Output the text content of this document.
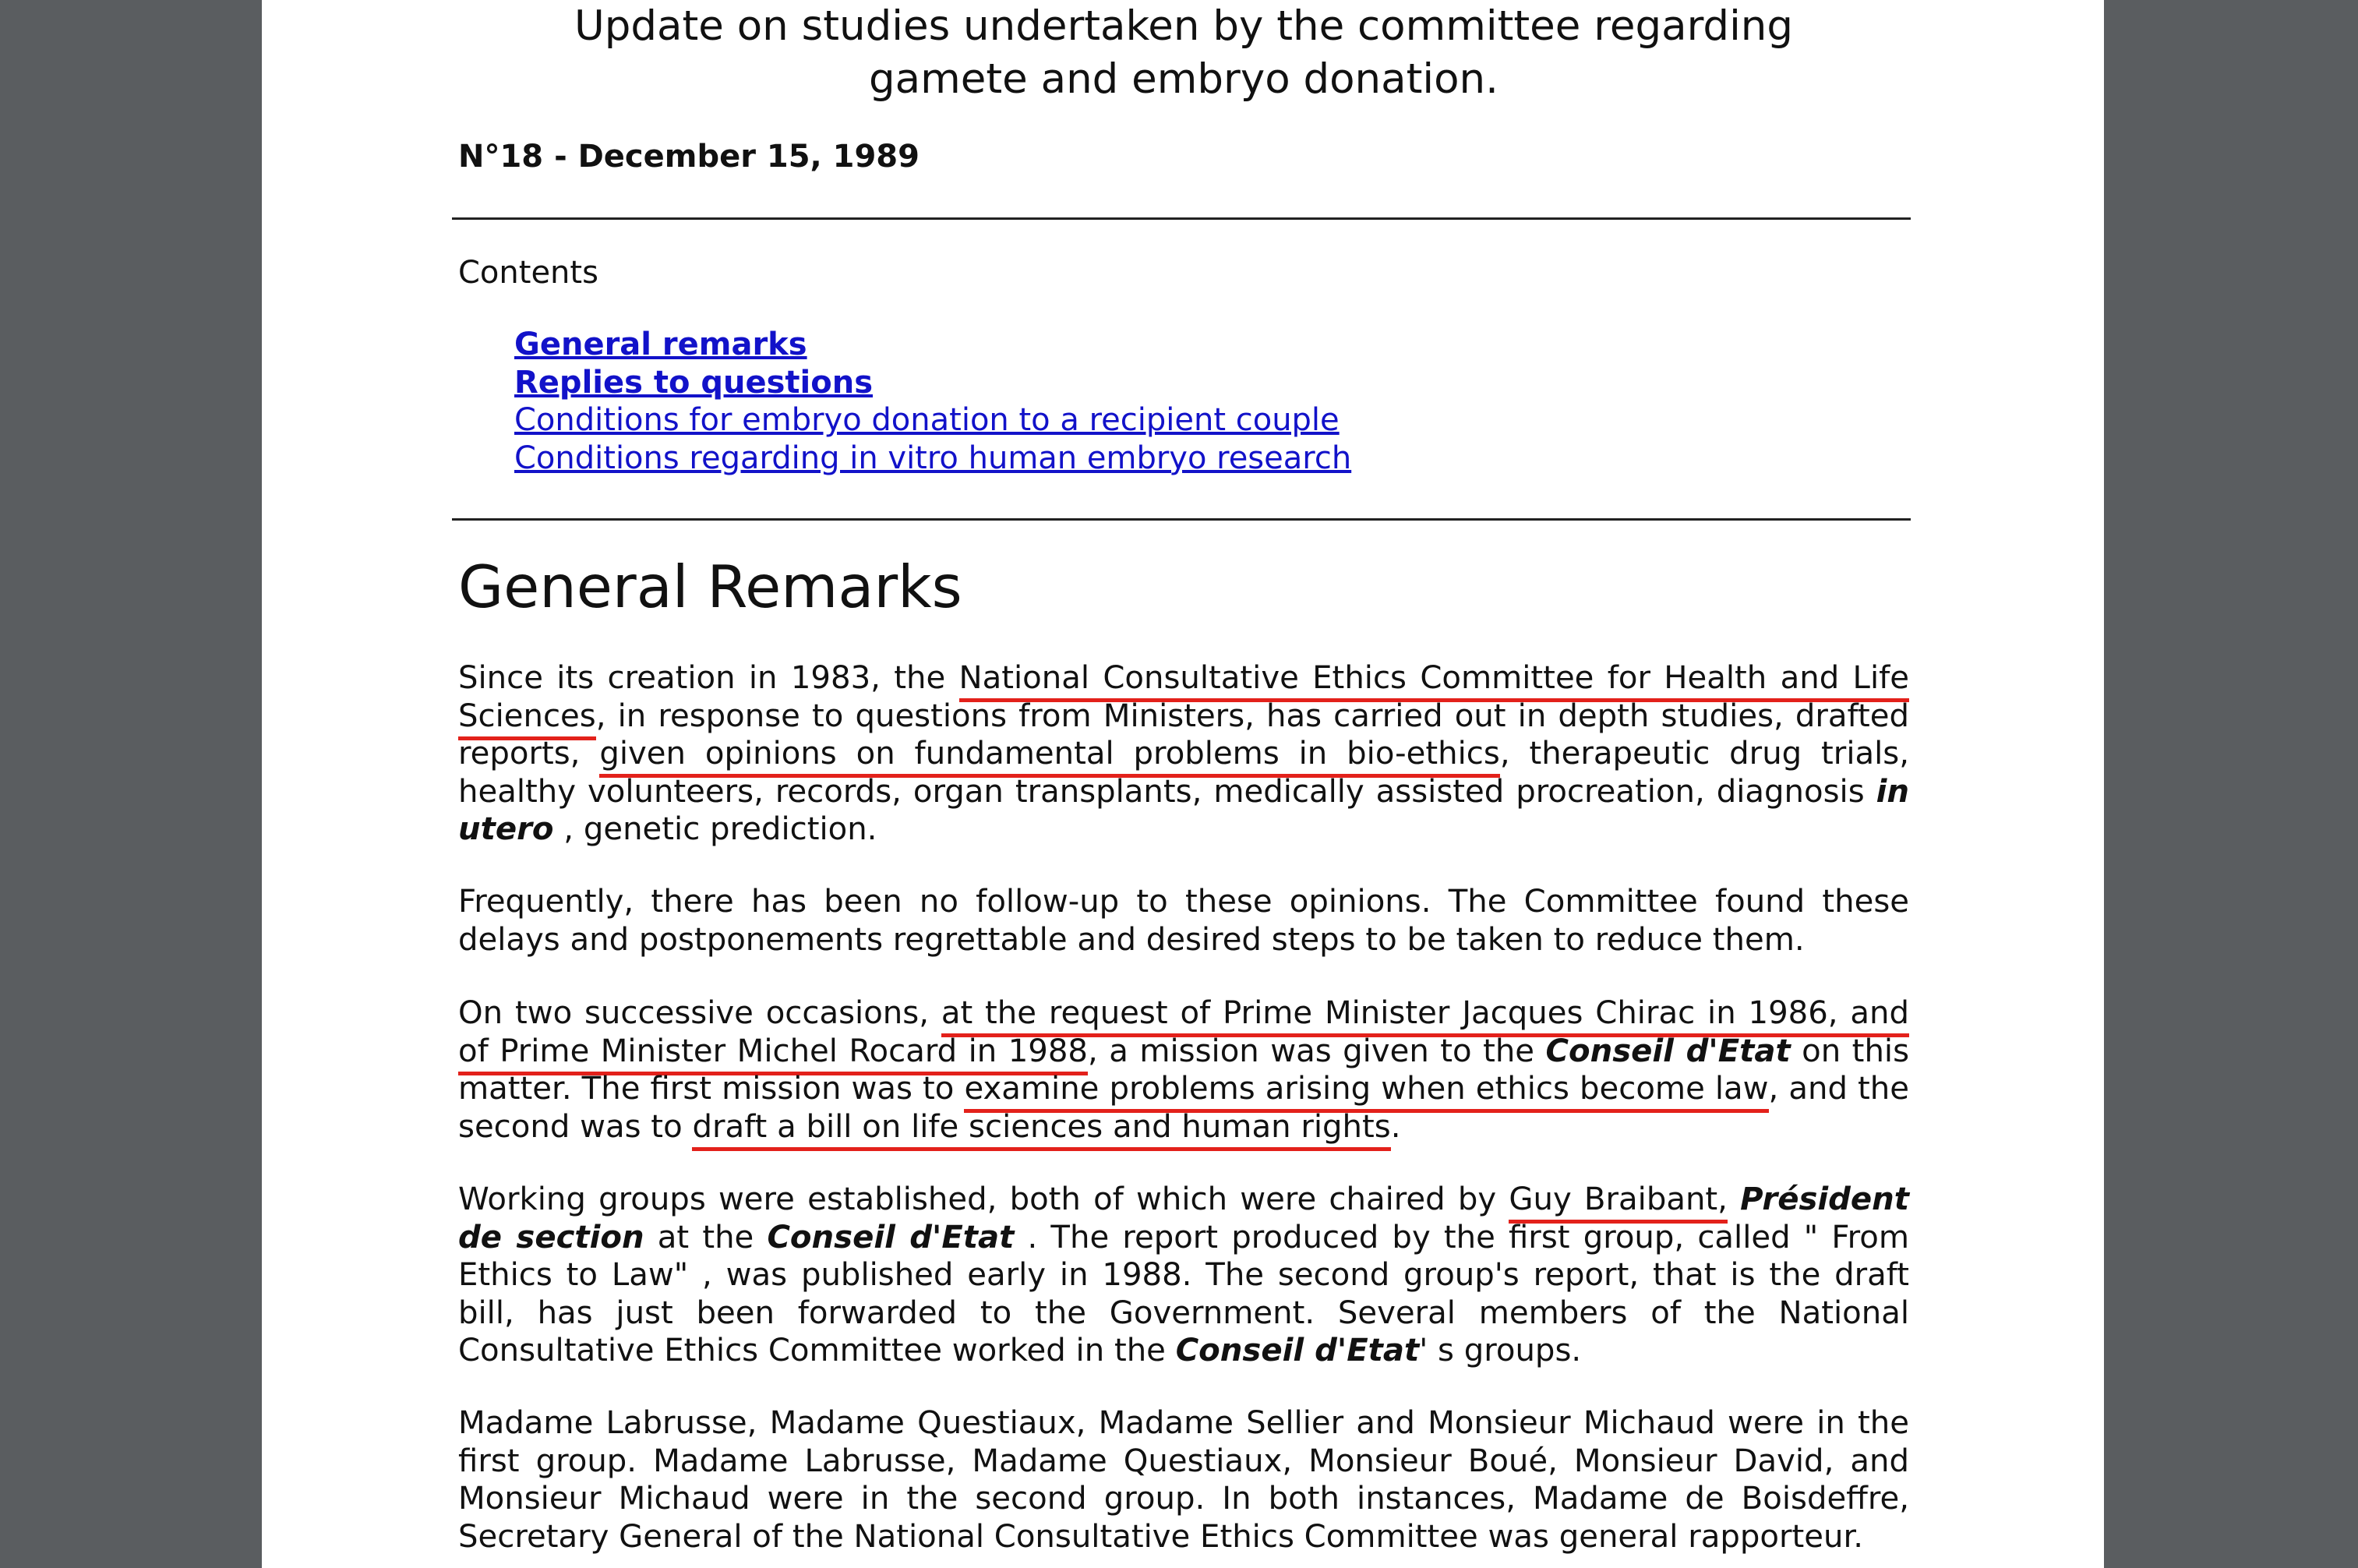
Update on studies undertaken by the committee regarding
gamete and embryo donation.

N°18 - December 15, 1989

Contents
General remarks
Replies to questions
Conditions for embryo donation to a recipient couple
Conditions regarding in vitro human embryo research
General Remarks

Since its creation in 1983, the National Consultative Ethics Committee for Health and Life Sciences, in response to questions from Ministers, has carried out in depth studies, drafted reports, given opinions on fundamental problems in bio-ethics, therapeutic drug trials, healthy volunteers, records, organ transplants, medically assisted procreation, diagnosis in utero , genetic prediction.

Frequently, there has been no follow-up to these opinions. The Committee found these delays and postponements regrettable and desired steps to be taken to reduce them.

On two successive occasions, at the request of Prime Minister Jacques Chirac in 1986, and of Prime Minister Michel Rocard in 1988, a mission was given to the Conseil d'Etat on this matter. The first mission was to examine problems arising when ethics become law, and the second was to draft a bill on life sciences and human rights.

Working groups were established, both of which were chaired by Guy Braibant, Président de section at the Conseil d'Etat . The report produced by the first group, called " From Ethics to Law" , was published early in 1988. The second group's report, that is the draft bill, has just been forwarded to the Government. Several members of the National Consultative Ethics Committee worked in the Conseil d'Etat' s groups.

Madame Labrusse, Madame Questiaux, Madame Sellier and Monsieur Michaud were in the first group. Madame Labrusse, Madame Questiaux, Monsieur Boué, Monsieur David, and Monsieur Michaud were in the second group. In both instances, Madame de Boisdeffre, Secretary General of the National Consultative Ethics Committee was general rapporteur.
